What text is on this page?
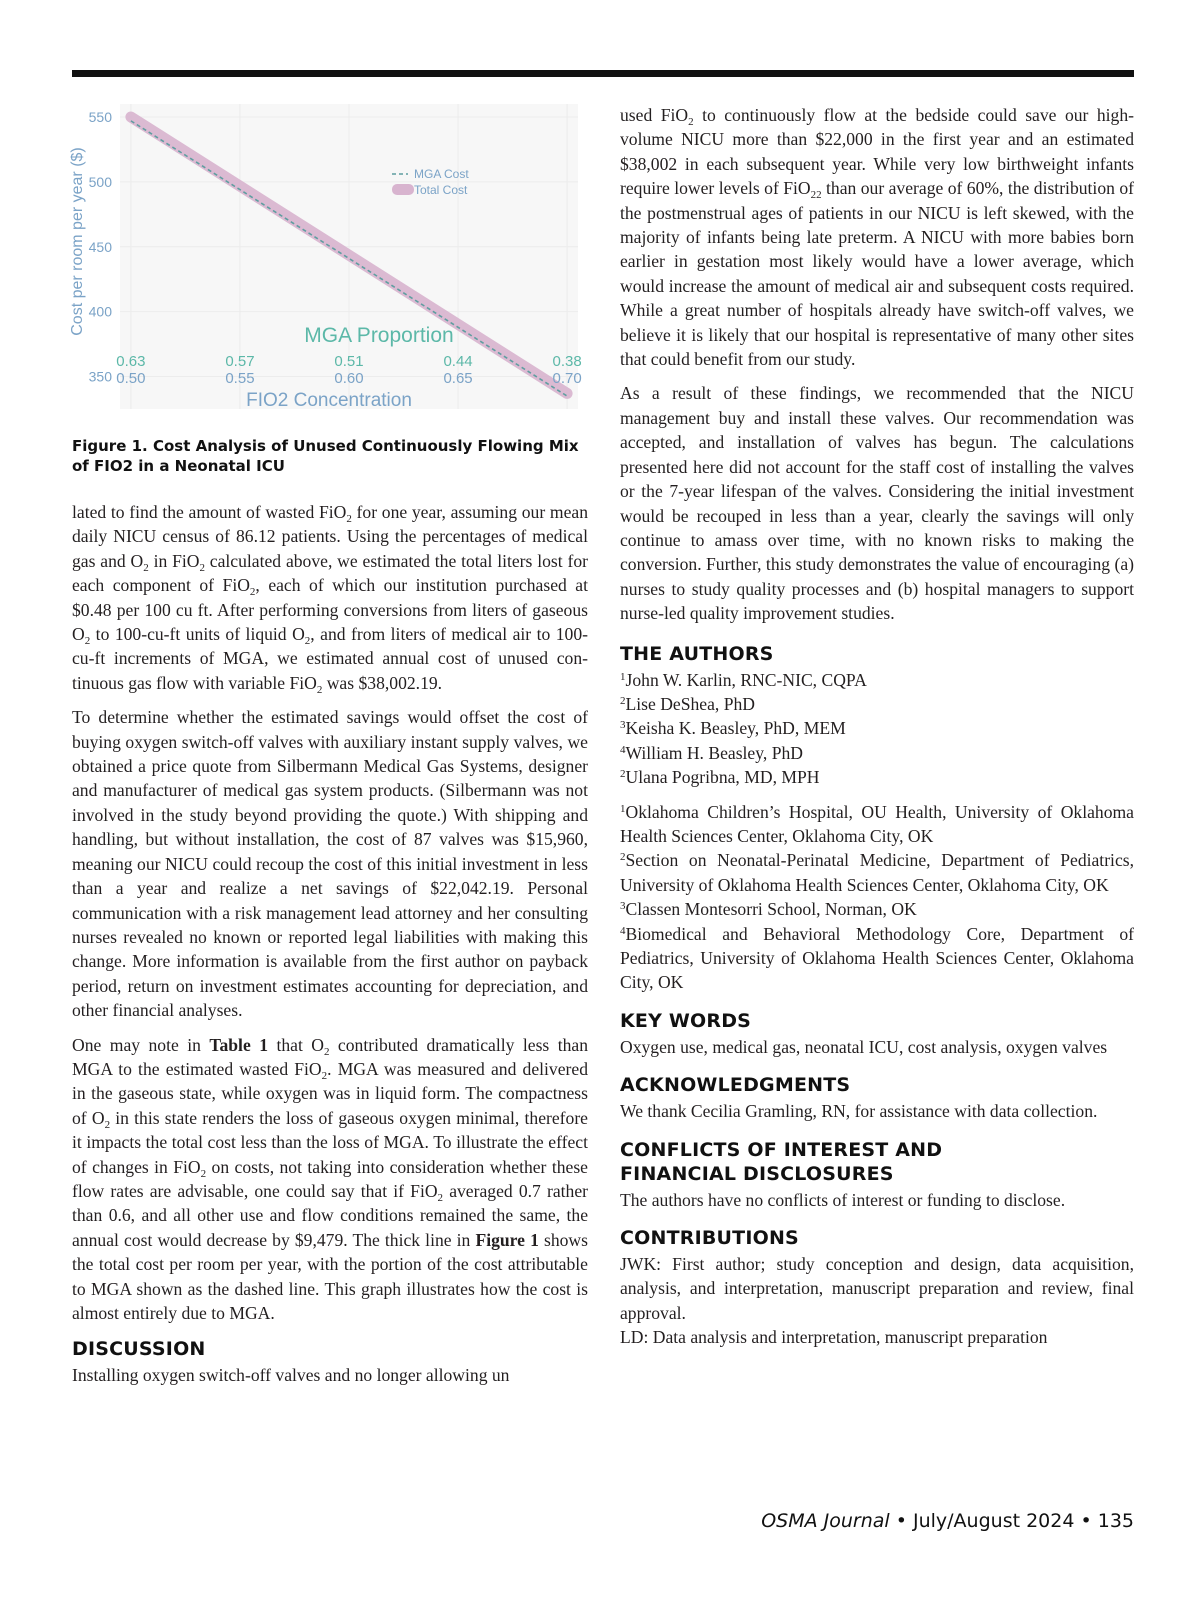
550
500
450
400
350
Cost per room per year ($)	MGA Cost
Total Cost
MGA Proportion
0.63
0.50
0.57
0.55
0.51
0.60
0.44
0.65
0.38
0.70
FIO2 Concentration
Figure 1. Cost Analysis of Unused Continuously Flowing Mix of FIO2 in a Neonatal ICU

lated to find the amount of wasted FiO$_2$ for one year, assuming our mean daily NICU census of 86.12 patients. Using the percentages of medical gas and $O_2$ in FiO$_2$ calculated above, we estimated the total liters lost for each component of FiO$_2$, each of which our institution purchased at $0.48 per 100 cu ft. After performing conversions from liters of gaseous $O_2$ to 100-cu-ft units of liquid $O_2$, and from liters of medical air to 100-cu-ft increments of MGA, we estimated annual cost of unused continuous gas flow with variable FiO$_2$ was $38,002.19.

To determine whether the estimated savings would offset the cost of buying oxygen switch-off valves with auxiliary instant supply valves, we obtained a price quote from Silbermann Medical Gas Systems, designer and manufacturer of medical gas system products. (Silbermann was not involved in the study beyond providing the quote.) With shipping and handling, but without installation, the cost of 87 valves was $15,960, meaning our NICU could recoup the cost of this initial investment in less than a year and realize a net savings of $22,042.19. Personal communication with a risk management lead attorney and her consulting nurses revealed no known or reported legal liabilities with making this change. More information is available from the first author on payback period, return on investment estimates accounting for depreciation, and other financial analyses.

One may note in Table 1 that $O_2$ contributed dramatically less than MGA to the estimated wasted FiO$_2$. MGA was measured and delivered in the gaseous state, while oxygen was in liquid form. The compactness of $O_2$ in this state renders the loss of gaseous oxygen minimal, therefore it impacts the total cost less than the loss of MGA. To illustrate the effect of changes in FiO$_2$ on costs, not taking into consideration whether these flow rates are advisable, one could say that if FiO$_2$ averaged 0.7 rather than 0.6, and all other use and flow conditions remained the same, the annual cost would decrease by $9,479. The thick line in Figure 1 shows the total cost per room per year, with the portion of the cost attributable to MGA shown as the dashed line. This graph illustrates how the cost is almost entirely due to MGA.

DISCUSSION

Installing oxygen switch-off valves and no longer allowing un

used FiO$_2$ to continuously flow at the bedside could save our high-volume NICU more than $22,000 in the first year and an estimated $38,002 in each subsequent year. While very low birthweight infants require lower levels of FiO$_{22}$ than our average of 60%, the distribution of the postmenstrual ages of patients in our NICU is left skewed, with the majority of infants being late preterm. A NICU with more babies born earlier in gestation most likely would have a lower average, which would increase the amount of medical air and subsequent costs required. While a great number of hospitals already have switch-off valves, we believe it is likely that our hospital is representative of many other sites that could benefit from our study.

As a result of these findings, we recommended that the NICU management buy and install these valves. Our recommendation was accepted, and installation of valves has begun. The calculations presented here did not account for the staff cost of installing the valves or the 7-year lifespan of the valves. Considering the initial investment would be recouped in less than a year, clearly the savings will only continue to amass over time, with no known risks to making the conversion. Further, this study demonstrates the value of encouraging (a) nurses to study quality processes and (b) hospital managers to support nurse-led quality improvement studies.

THE AUTHORS

$^1$John W. Karlin, RNC-NIC, CQPA

$^2$Lise DeShea, PhD

$^3$Keisha K. Beasley, PhD, MEM

$^4$William H. Beasley, PhD

$^2$Ulana Pogribna, MD, MPH

$^1$Oklahoma Children’s Hospital, OU Health, University of Oklahoma Health Sciences Center, Oklahoma City, OK

$^2$Section on Neonatal-Perinatal Medicine, Department of Pediatrics, University of Oklahoma Health Sciences Center, Oklahoma City, OK

$^3$Classen Montesorri School, Norman, OK

$^4$Biomedical and Behavioral Methodology Core, Department of Pediatrics, University of Oklahoma Health Sciences Center, Oklahoma City, OK

KEY WORDS

Oxygen use, medical gas, neonatal ICU, cost analysis, oxygen valves

ACKNOWLEDGMENTS

We thank Cecilia Gramling, RN, for assistance with data collection.

CONFLICTS OF INTEREST AND FINANCIAL DISCLOSURES

The authors have no conflicts of interest or funding to disclose.

CONTRIBUTIONS

JWK: First author; study conception and design, data acquisition, analysis, and interpretation, manuscript preparation and review, final approval.

LD: Data analysis and interpretation, manuscript preparation

OSMA Journal • July/August 2024 • 135
